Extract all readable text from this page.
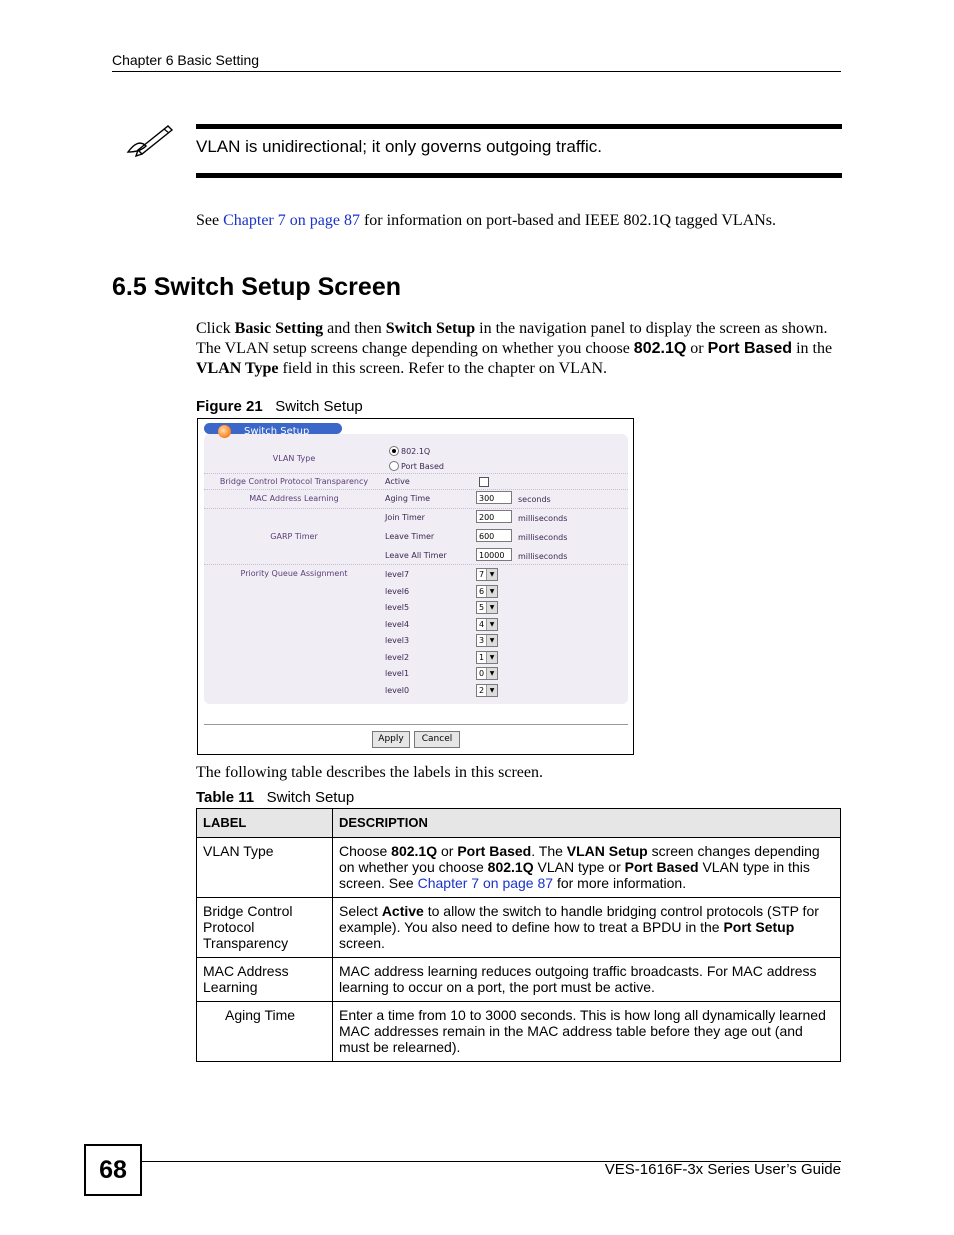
Chapter 6 Basic Setting
VLAN is unidirectional; it only governs outgoing traffic.
See Chapter 7 on page 87 for information on port-based and IEEE 802.1Q tagged VLANs.
6.5 Switch Setup Screen
Click Basic Setting and then Switch Setup in the navigation panel to display the screen as shown. The VLAN setup screens change depending on whether you choose 802.1Q or Port Based in the VLAN Type field in this screen. Refer to the chapter on VLAN.
Figure 21 Switch Setup
Switch Setup
VLAN Type
802.1Q
Port Based
Bridge Control Protocol Transparency	Active
MAC Address Learning	Aging Time	300	seconds
GARP Timer
Join Timer	200	milliseconds
Leave Timer	600	milliseconds
Leave All Timer	10000	milliseconds
Priority Queue Assignment
Apply	Cancel
level7	7 ▼
level6	6 ▼
level5	5 ▼
level4	4 ▼
level3	3 ▼
level2	1 ▼
level1	0 ▼
level0	2 ▼
The following table describes the labels in this screen.
Table 11 Switch Setup
LABEL	DESCRIPTION
VLAN Type	Choose 802.1Q or Port Based. The VLAN Setup screen changes depending on whether you choose 802.1Q VLAN type or Port Based VLAN type in this screen. See Chapter 7 on page 87 for more information.
Bridge Control Protocol Transparency	Select Active to allow the switch to handle bridging control protocols (STP for example). You also need to define how to treat a BPDU in the Port Setup screen.
MAC Address Learning	MAC address learning reduces outgoing traffic broadcasts. For MAC address learning to occur on a port, the port must be active.
Aging Time	Enter a time from 10 to 3000 seconds. This is how long all dynamically learned MAC addresses remain in the MAC address table before they age out (and must be relearned).
68	VES-1616F-3x Series User’s Guide
